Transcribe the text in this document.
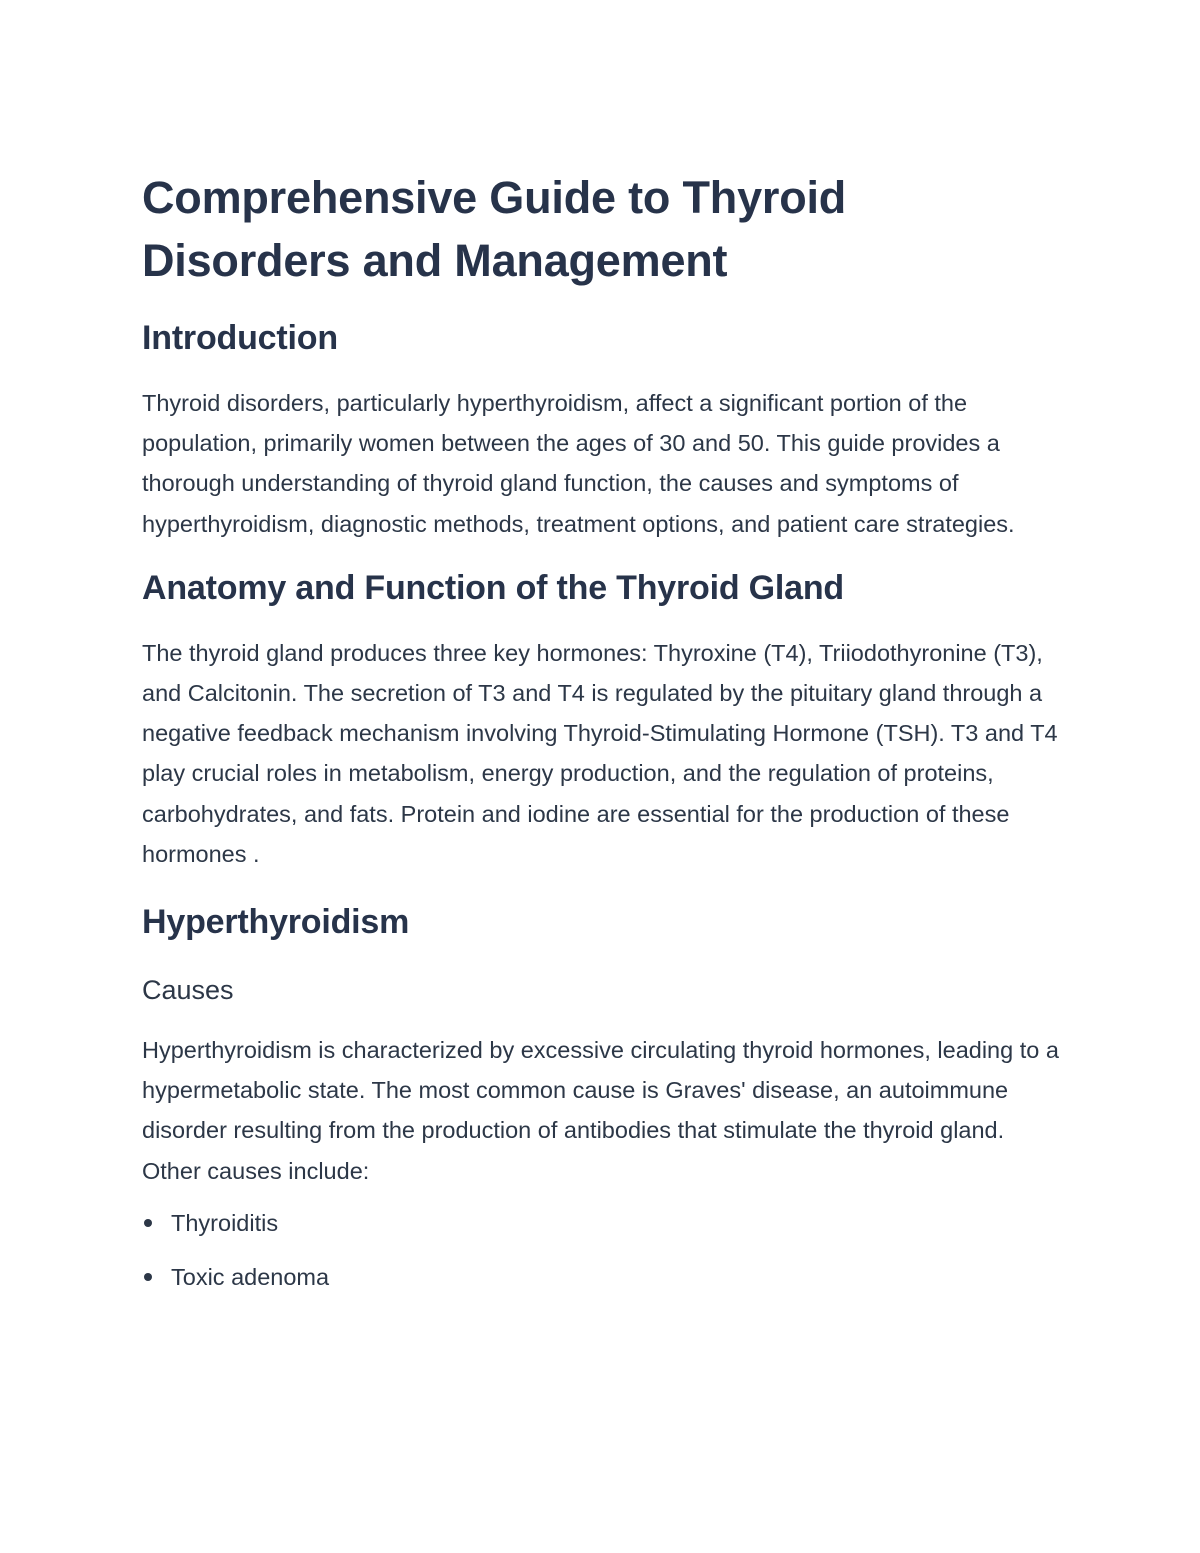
Comprehensive Guide to Thyroid Disorders and Management
Introduction

Thyroid disorders, particularly hyperthyroidism, affect a significant portion of the population, primarily women between the ages of 30 and 50. This guide provides a thorough understanding of thyroid gland function, the causes and symptoms of hyperthyroidism, diagnostic methods, treatment options, and patient care strategies.

Anatomy and Function of the Thyroid Gland

The thyroid gland produces three key hormones: Thyroxine (T4), Triiodothyronine (T3), and Calcitonin. The secretion of T3 and T4 is regulated by the pituitary gland through a negative feedback mechanism involving Thyroid-Stimulating Hormone (TSH). T3 and T4 play crucial roles in metabolism, energy production, and the regulation of proteins, carbohydrates, and fats. Protein and iodine are essential for the production of these hormones .

Hyperthyroidism
Causes

Hyperthyroidism is characterized by excessive circulating thyroid hormones, leading to a hypermetabolic state. The most common cause is Graves' disease, an autoimmune disorder resulting from the production of antibodies that stimulate the thyroid gland. Other causes include:

Thyroiditis
Toxic adenoma
